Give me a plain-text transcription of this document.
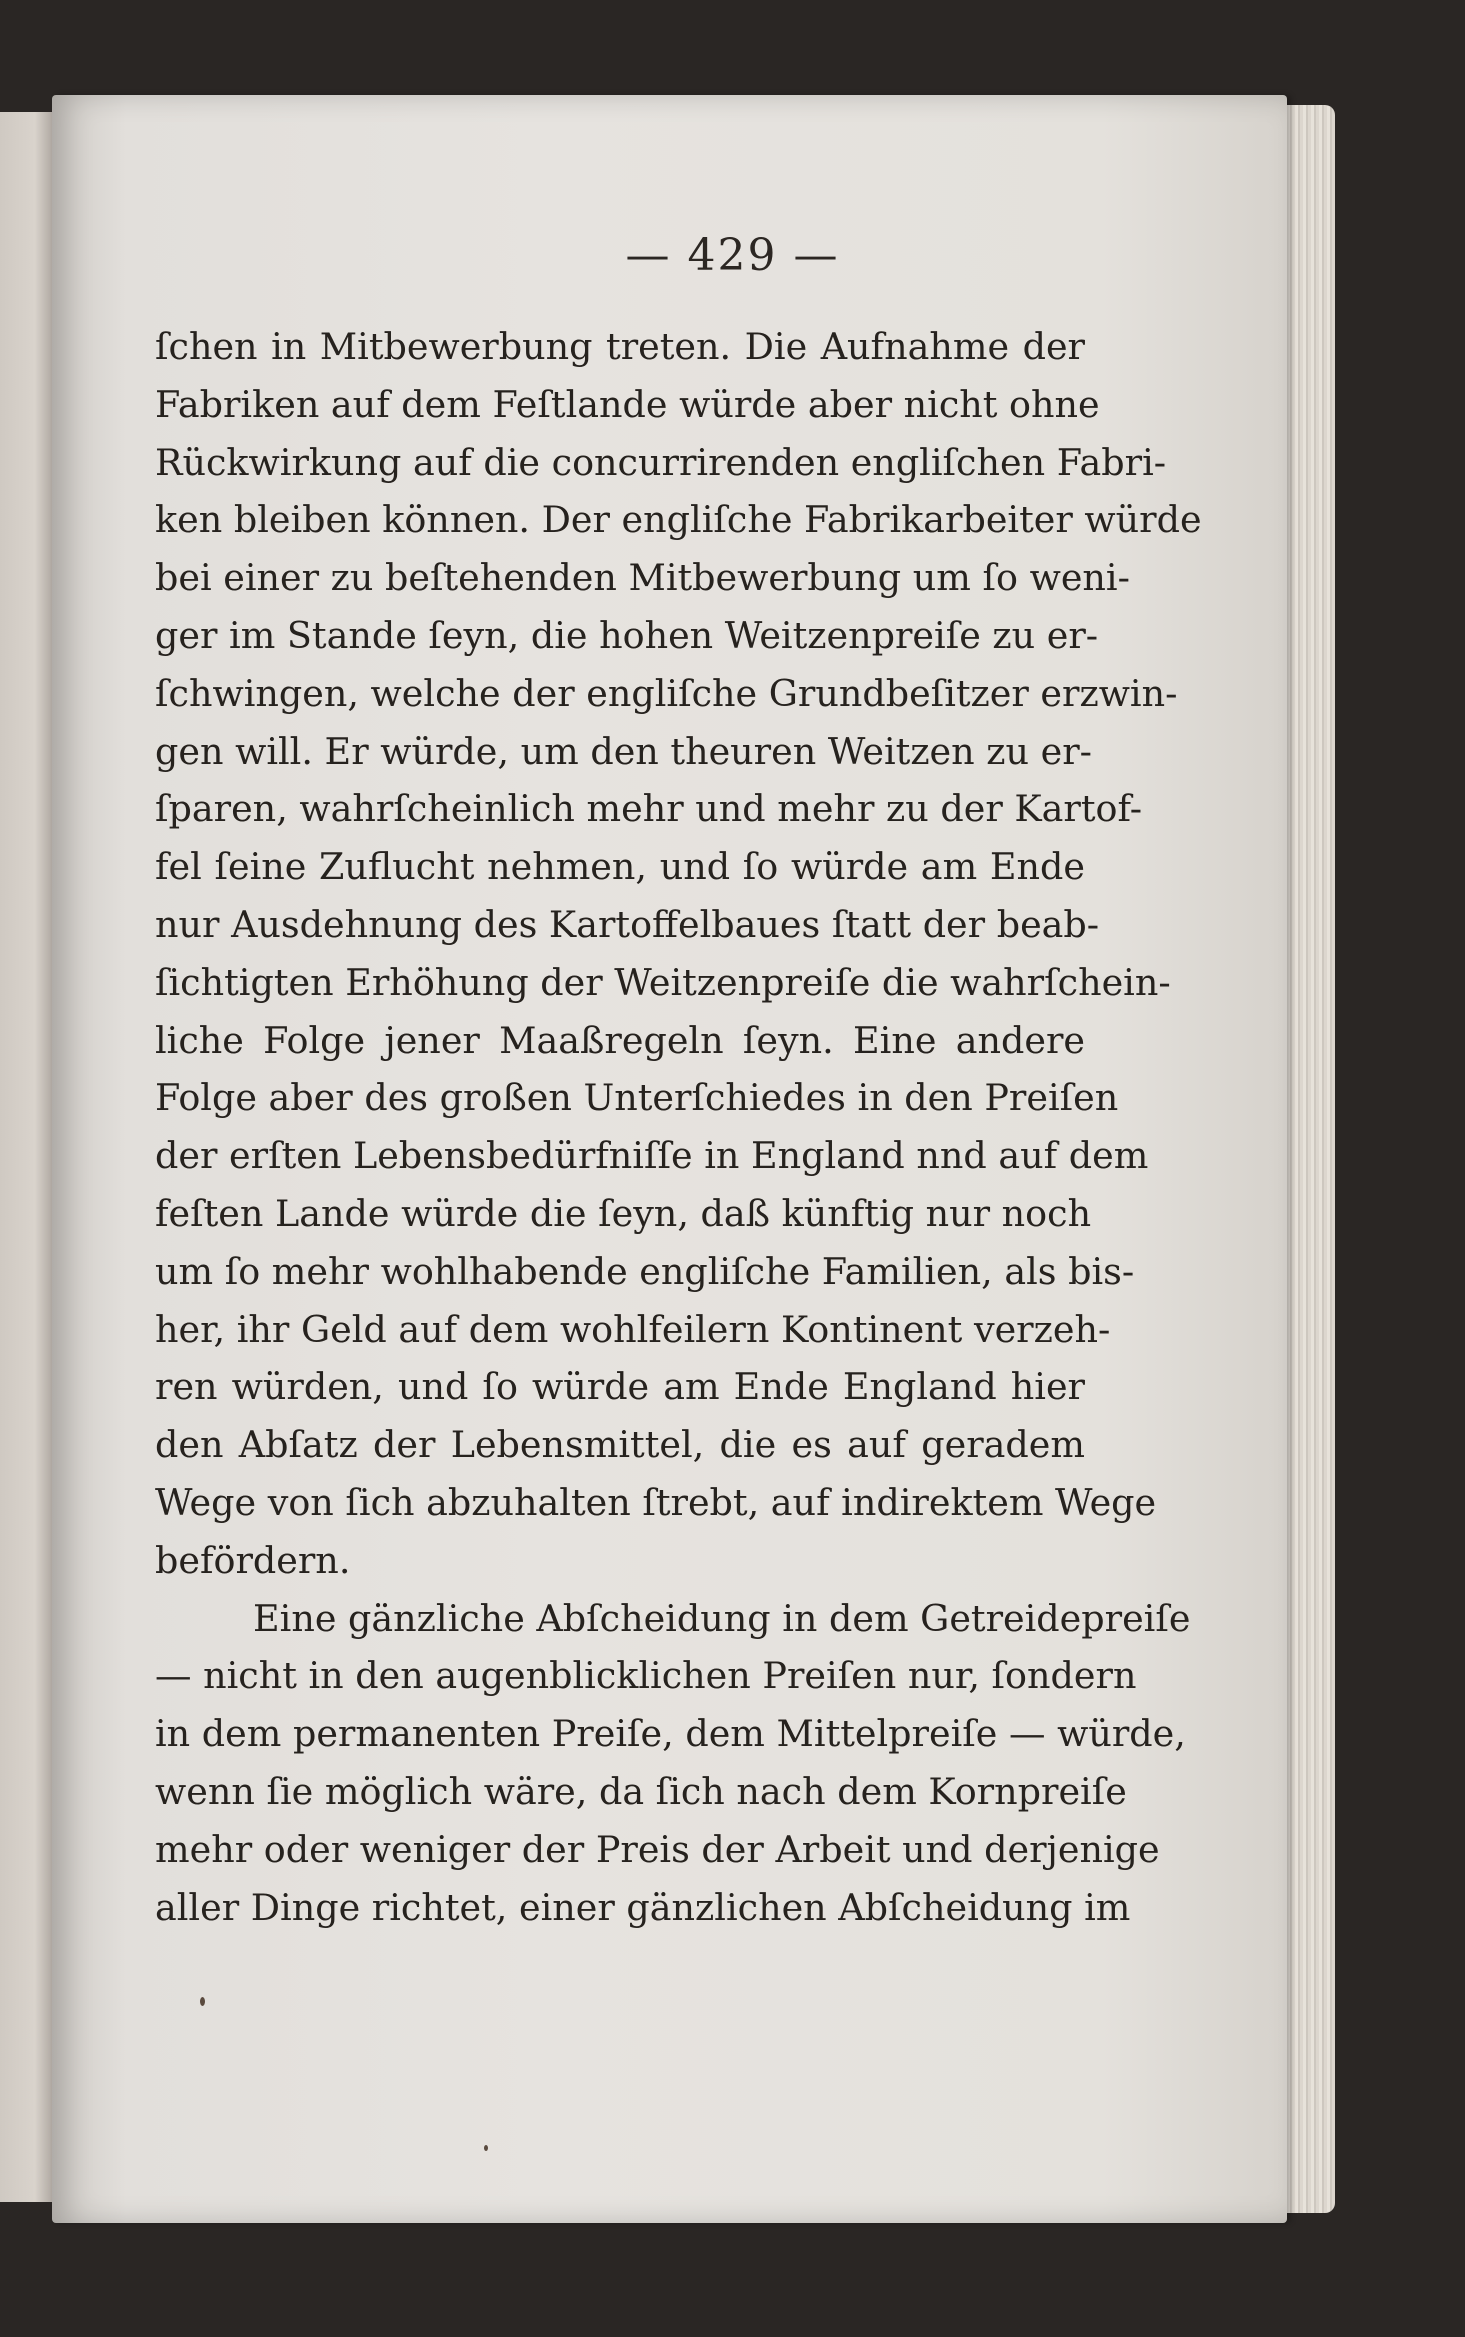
— 429 —
ſchen in Mitbewerbung treten. Die Aufnahme der
Fabriken auf dem Feſtlande würde aber nicht ohne
Rückwirkung auf die concurrirenden engliſchen Fabri-
ken bleiben können. Der engliſche Fabrikarbeiter würde
bei einer zu beſtehenden Mitbewerbung um ſo weni-
ger im Stande ſeyn, die hohen Weitzenpreiſe zu er-
ſchwingen, welche der engliſche Grundbeſitzer erzwin-
gen will. Er würde, um den theuren Weitzen zu er-
ſparen, wahrſcheinlich mehr und mehr zu der Kartof-
fel ſeine Zuflucht nehmen, und ſo würde am Ende
nur Ausdehnung des Kartoffelbaues ſtatt der beab-
ſichtigten Erhöhung der Weitzenpreiſe die wahrſchein-
liche Folge jener Maaßregeln ſeyn. Eine andere
Folge aber des großen Unterſchiedes in den Preiſen
der erſten Lebensbedürfniſſe in England nnd auf dem
feſten Lande würde die ſeyn, daß künftig nur noch
um ſo mehr wohlhabende engliſche Familien, als bis-
her, ihr Geld auf dem wohlfeilern Kontinent verzeh-
ren würden, und ſo würde am Ende England hier
den Abſatz der Lebensmittel, die es auf geradem
Wege von ſich abzuhalten ſtrebt, auf indirektem Wege
befördern.
Eine gänzliche Abſcheidung in dem Getreidepreiſe
— nicht in den augenblicklichen Preiſen nur, ſondern
in dem permanenten Preiſe, dem Mittelpreiſe — würde,
wenn ſie möglich wäre, da ſich nach dem Kornpreiſe
mehr oder weniger der Preis der Arbeit und derjenige
aller Dinge richtet, einer gänzlichen Abſcheidung im
